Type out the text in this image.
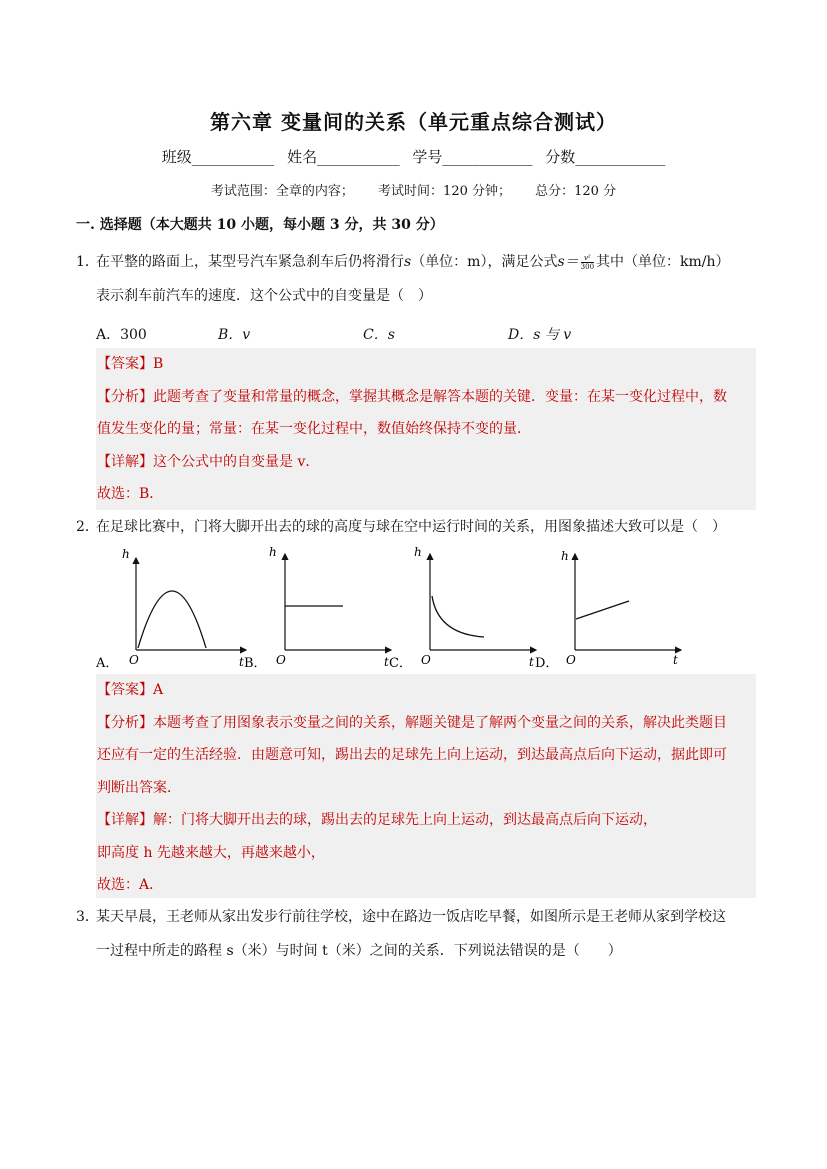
第六章 变量间的关系（单元重点综合测试）
班级___________ 姓名___________ 学号____________ 分数____________
考试范围：全章的内容； 考试时间：120 分钟； 总分：120 分
一. 选择题（本大题共 10 小题，每小题 3 分，共 30 分）
1．
在平整的路面上，某型号汽车紧急刹车后仍将滑行s（单位：m），满足公式$s= \frac{\text{v²}}{300}$ 其中（单位：km/h）
表示刹车前汽车的速度．这个公式中的自变量是（　）
A．300	B．v	C．s	D．s 与 v

【答案】B

【分析】此题考查了变量和常量的概念，掌握其概念是解答本题的关键．变量：在某一变化过程中，数

值发生变化的量；常量：在某一变化过程中，数值始终保持不变的量．

【详解】这个公式中的自变量是 v．

故选：B．

2．
在足球比赛中，门将大脚开出去的球的高度与球在空中运行时间的关系，用图象描述大致可以是（　）
h
O	t
A．
h
O	t
B．
h
O	t
C．
h
O	t
D．

【答案】A

【分析】本题考查了用图象表示变量之间的关系，解题关键是了解两个变量之间的关系，解决此类题目

还应有一定的生活经验．由题意可知，踢出去的足球先上向上运动，到达最高点后向下运动，据此即可

判断出答案．

【详解】解：门将大脚开出去的球，踢出去的足球先上向上运动，到达最高点后向下运动，

即高度 h 先越来越大，再越来越小，

故选：A．

3．
某天早晨，王老师从家出发步行前往学校，途中在路边一饭店吃早餐，如图所示是王老师从家到学校这
一过程中所走的路程 s（米）与时间 t（米）之间的关系．下列说法错误的是（　　）
